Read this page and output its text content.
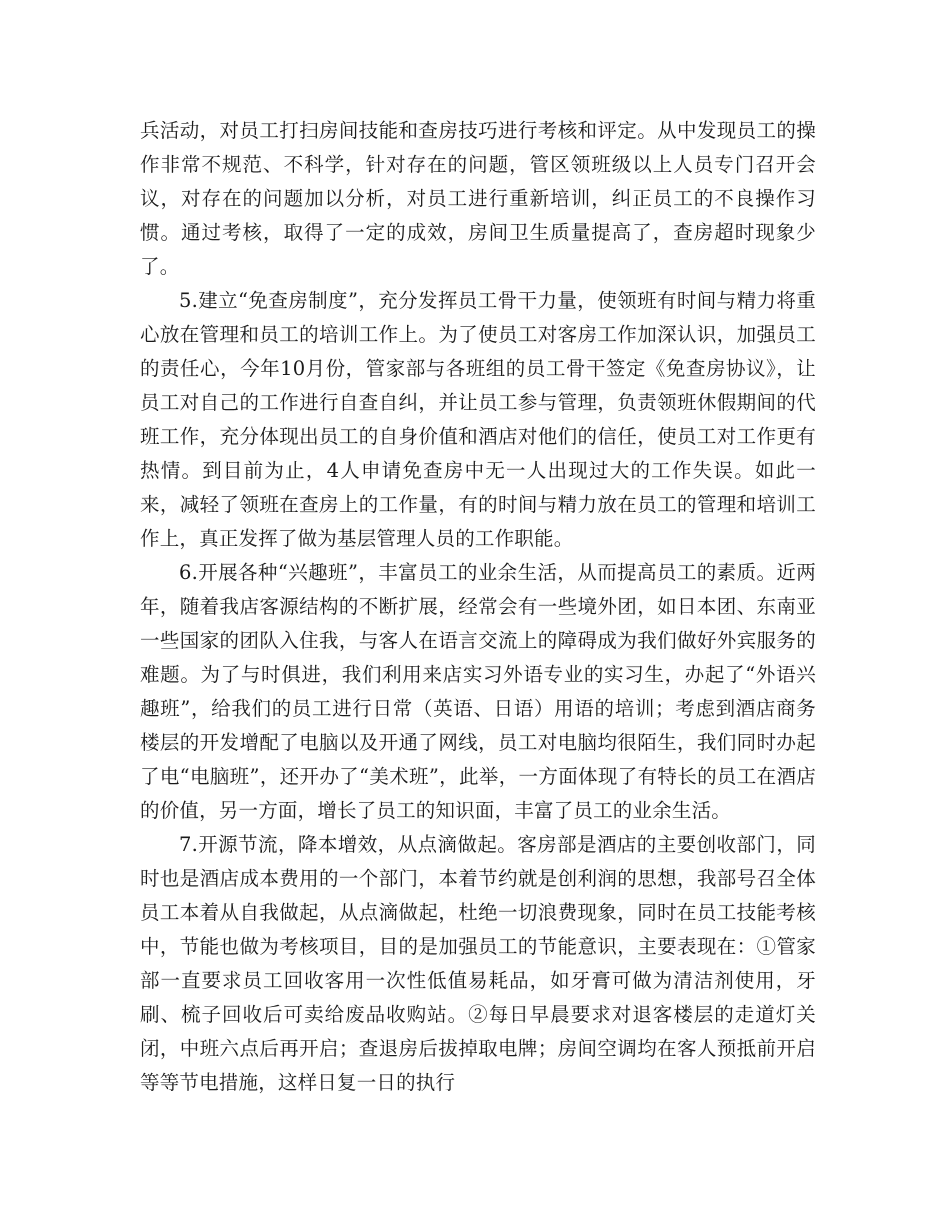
兵活动，对员工打扫房间技能和查房技巧进行考核和评定。从中发现员工的操作非常不规范、不科学，针对存在的问题，管区领班级以上人员专门召开会议，对存在的问题加以分析，对员工进行重新培训，纠正员工的不良操作习惯。通过考核，取得了一定的成效，房间卫生质量提高了，查房超时现象少了。

5.建立“免查房制度”，充分发挥员工骨干力量，使领班有时间与精力将重心放在管理和员工的培训工作上。为了使员工对客房工作加深认识，加强员工的责任心，今年10月份，管家部与各班组的员工骨干签定《免查房协议》，让员工对自己的工作进行自查自纠，并让员工参与管理，负责领班休假期间的代班工作，充分体现出员工的自身价值和酒店对他们的信任，使员工对工作更有热情。到目前为止，4人申请免查房中无一人出现过大的工作失误。如此一来，减轻了领班在查房上的工作量，有的时间与精力放在员工的管理和培训工作上，真正发挥了做为基层管理人员的工作职能。

6.开展各种“兴趣班”，丰富员工的业余生活，从而提高员工的素质。近两年，随着我店客源结构的不断扩展，经常会有一些境外团，如日本团、东南亚一些国家的团队入住我，与客人在语言交流上的障碍成为我们做好外宾服务的难题。为了与时俱进，我们利用来店实习外语专业的实习生，办起了“外语兴趣班”，给我们的员工进行日常（英语、日语）用语的培训；考虑到酒店商务楼层的开发增配了电脑以及开通了网线，员工对电脑均很陌生，我们同时办起了电“电脑班”，还开办了“美术班”，此举，一方面体现了有特长的员工在酒店的价值，另一方面，增长了员工的知识面，丰富了员工的业余生活。

7.开源节流，降本增效，从点滴做起。客房部是酒店的主要创收部门，同时也是酒店成本费用的一个部门，本着节约就是创利润的思想，我部号召全体员工本着从自我做起，从点滴做起，杜绝一切浪费现象，同时在员工技能考核中，节能也做为考核项目，目的是加强员工的节能意识，主要表现在：①管家部一直要求员工回收客用一次性低值易耗品，如牙膏可做为清洁剂使用，牙刷、梳子回收后可卖给废品收购站。②每日早晨要求对退客楼层的走道灯关闭，中班六点后再开启；查退房后拔掉取电牌；房间空调均在客人预抵前开启等等节电措施，这样日复一日的执行
